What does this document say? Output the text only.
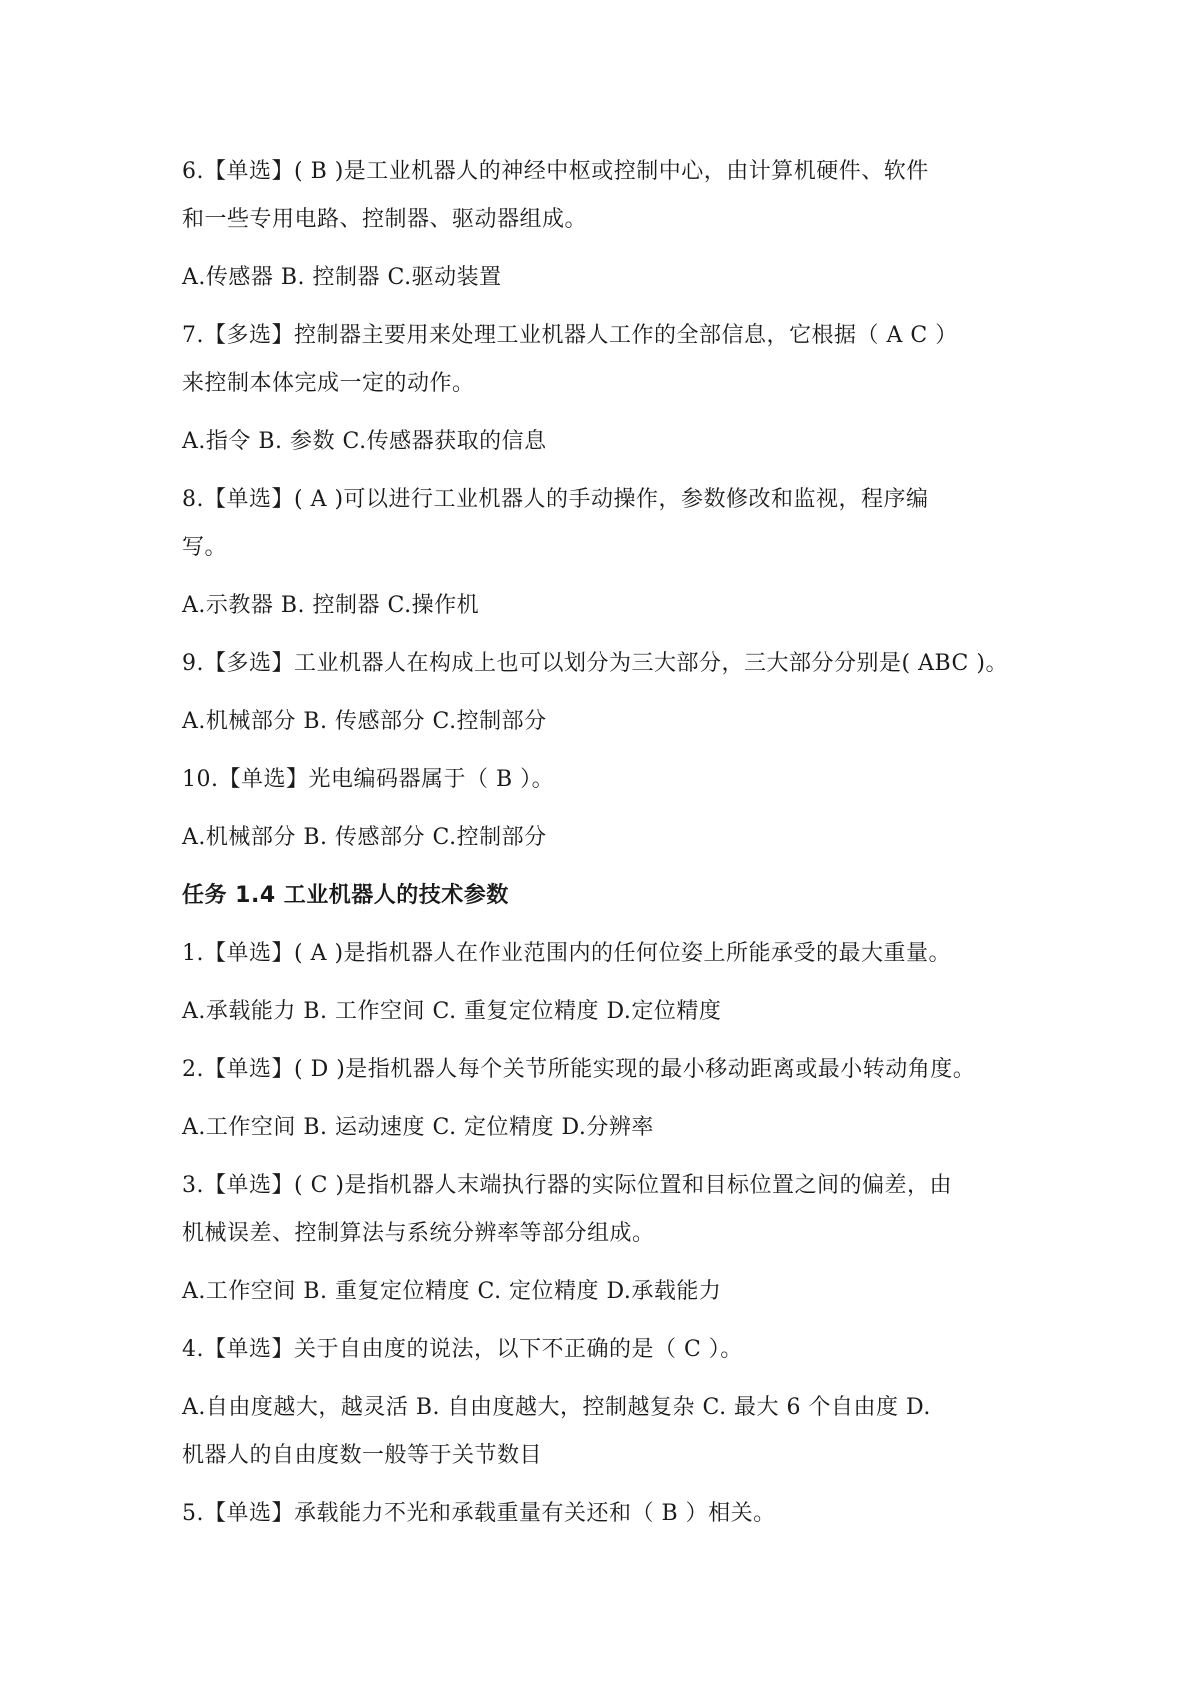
6.【单选】( B )是工业机器人的神经中枢或控制中心，由计算机硬件、软件
和一些专用电路、控制器、驱动器组成。
A.传感器 B. 控制器 C.驱动装置
7.【多选】控制器主要用来处理工业机器人工作的全部信息，它根据（ A C ）
来控制本体完成一定的动作。
A.指令 B. 参数 C.传感器获取的信息
8.【单选】( A )可以进行工业机器人的手动操作，参数修改和监视，程序编
写。
A.示教器 B. 控制器 C.操作机
9.【多选】工业机器人在构成上也可以划分为三大部分，三大部分分别是( ABC )。
A.机械部分 B. 传感部分 C.控制部分
10.【单选】光电编码器属于（ B ）。
A.机械部分 B. 传感部分 C.控制部分
任务 1.4 工业机器人的技术参数
1.【单选】( A )是指机器人在作业范围内的任何位姿上所能承受的最大重量。
A.承载能力 B. 工作空间 C. 重复定位精度 D.定位精度
2.【单选】( D )是指机器人每个关节所能实现的最小移动距离或最小转动角度。
A.工作空间 B. 运动速度 C. 定位精度 D.分辨率
3.【单选】( C )是指机器人末端执行器的实际位置和目标位置之间的偏差，由
机械误差、控制算法与系统分辨率等部分组成。
A.工作空间 B. 重复定位精度 C. 定位精度 D.承载能力
4.【单选】关于自由度的说法，以下不正确的是（ C ）。
A.自由度越大，越灵活 B. 自由度越大，控制越复杂 C. 最大 6 个自由度 D.
机器人的自由度数一般等于关节数目
5.【单选】承载能力不光和承载重量有关还和（ B ）相关。
